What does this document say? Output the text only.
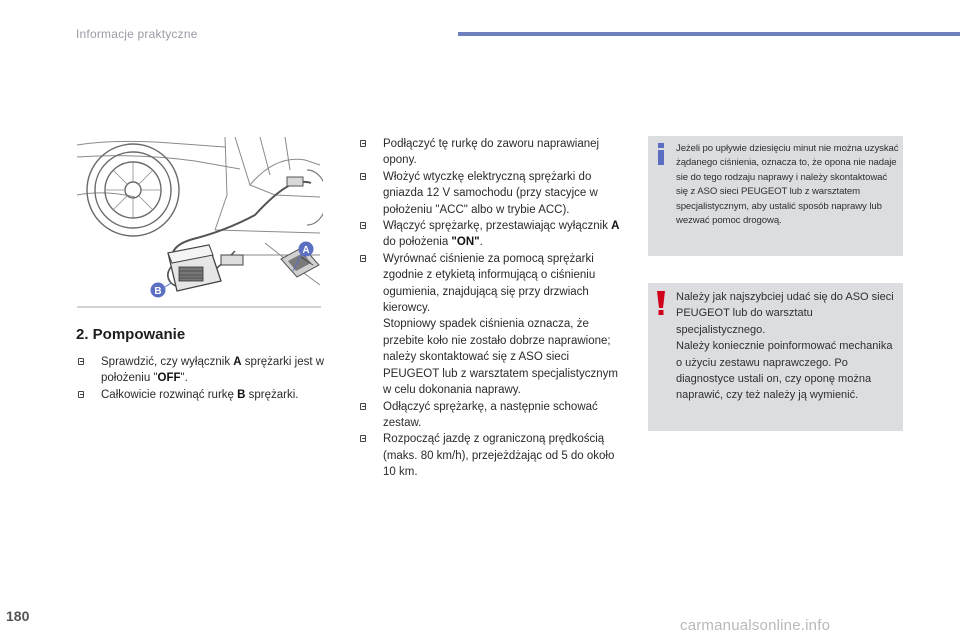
Informacje praktyczne
A
B
2. Pompowanie
Sprawdzić, czy wyłącznik A sprężarki jest w położeniu "OFF".
Całkowicie rozwinąć rurkę B sprężarki.
Podłączyć tę rurkę do zaworu naprawianej opony.
Włożyć wtyczkę elektryczną sprężarki do gniazda 12 V samochodu (przy stacyjce w położeniu "ACC" albo w trybie ACC).
Włączyć sprężarkę, przestawiając wyłącznik A do położenia "ON".
Wyrównać ciśnienie za pomocą sprężarki zgodnie z etykietą informującą o ciśnieniu ogumienia, znajdującą się przy drzwiach kierowcy.
Stopniowy spadek ciśnienia oznacza, że przebite koło nie zostało dobrze naprawione; należy skontaktować się z ASO sieci PEUGEOT lub z warsztatem specjalistycznym w celu dokonania naprawy.
Odłączyć sprężarkę, a następnie schować zestaw.
Rozpocząć jazdę z ograniczoną prędkością (maks. 80 km/h), przejeżdżając od 5 do około 10 km.
Jeżeli po upływie dziesięciu minut nie można uzyskać żądanego ciśnienia, oznacza to, że opona nie nadaje sie do tego rodzaju naprawy i należy skontaktować się z ASO sieci PEUGEOT lub z warsztatem specjalistycznym, aby ustalić sposób naprawy lub wezwać pomoc drogową.
Należy jak najszybciej udać się do ASO sieci PEUGEOT lub do warsztatu specjalistycznego.
Należy koniecznie poinformować mechanika o użyciu zestawu naprawczego. Po diagnostyce ustali on, czy oponę można naprawić, czy też należy ją wymienić.
180
carmanualsonline.info
